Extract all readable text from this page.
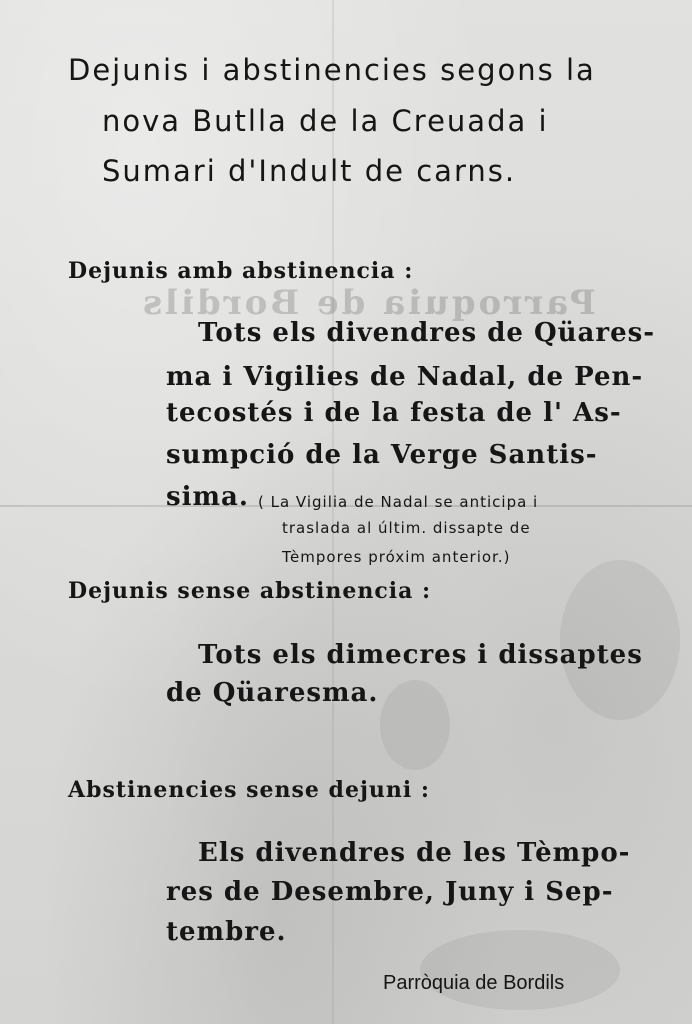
Parroquia de Bordils
Dejunis i abstinencies segons la
nova Butlla de la Creuada i
Sumari d'Indult de carns.
Dejunis amb abstinencia :
Tots els divendres de Qüares-
ma i Vigilies de Nadal, de Pen-
tecostés i de la festa de l' As-
sumpció de la Verge Santis-
sima. ( La Vigilia de Nadal se anticipa i
traslada al últim. dissapte de
Tèmpores próxim anterior.)
Dejunis sense abstinencia :
Tots els dimecres i dissaptes
de Qüaresma.
Abstinencies sense dejuni :
Els divendres de les Tèmpo-
res de Desembre, Juny i Sep-
tembre.
Parròquia de Bordils
